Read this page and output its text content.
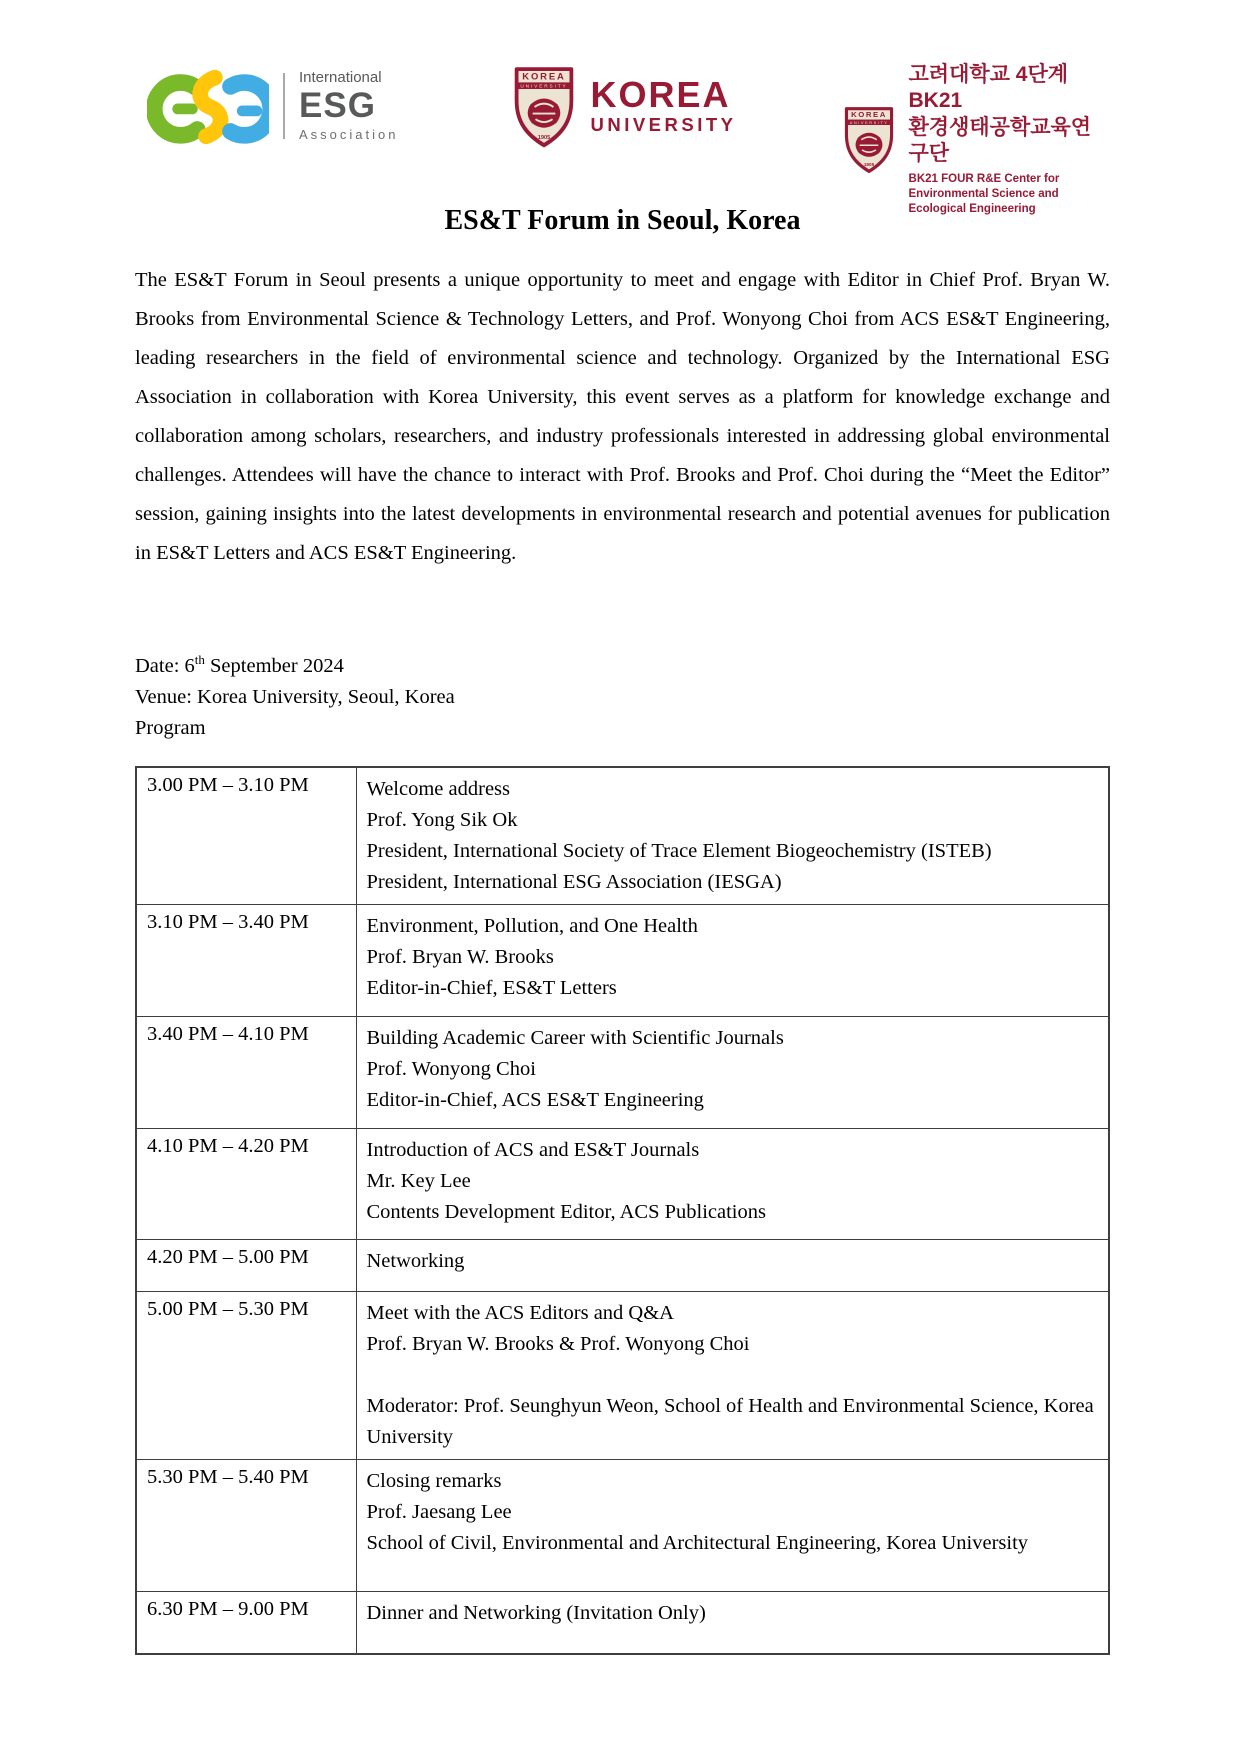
International
ESG
Association
KOREA
UNIVERSITY
1905
KOREA
UNIVERSITY	KOREA
UNIVERSITY
1905
고려대학교 4단계 BK21
환경생태공학교육연구단
BK21 FOUR R&E Center for
Environmental Science and Ecological Engineering
ES&T Forum in Seoul, Korea

The ES&T Forum in Seoul presents a unique opportunity to meet and engage with Editor in Chief Prof. Bryan W. Brooks from Environmental Science & Technology Letters, and Prof. Wonyong Choi from ACS ES&T Engineering, leading researchers in the field of environmental science and technology. Organized by the International ESG Association in collaboration with Korea University, this event serves as a platform for knowledge exchange and collaboration among scholars, researchers, and industry professionals interested in addressing global environmental challenges. Attendees will have the chance to interact with Prof. Brooks and Prof. Choi during the “Meet the Editor” session, gaining insights into the latest developments in environmental research and potential avenues for publication in ES&T Letters and ACS ES&T Engineering.

Date: 6th September 2024
Venue: Korea University, Seoul, Korea
Program
3.00 PM – 3.10 PM	Welcome address
Prof. Yong Sik Ok
President, International Society of Trace Element Biogeochemistry (ISTEB)
President, International ESG Association (IESGA)

3.10 PM – 3.40 PM	Environment, Pollution, and One Health
Prof. Bryan W. Brooks
Editor-in-Chief, ES&T Letters

3.40 PM – 4.10 PM	Building Academic Career with Scientific Journals
Prof. Wonyong Choi
Editor-in-Chief, ACS ES&T Engineering

4.10 PM – 4.20 PM	Introduction of ACS and ES&T Journals
Mr. Key Lee
Contents Development Editor, ACS Publications

4.20 PM – 5.00 PM	Networking

5.00 PM – 5.30 PM	Meet with the ACS Editors and Q&A
Prof. Bryan W. Brooks & Prof. Wonyong Choi

Moderator: Prof. Seunghyun Weon, School of Health and Environmental Science, Korea University

5.30 PM – 5.40 PM	Closing remarks
Prof. Jaesang Lee
School of Civil, Environmental and Architectural Engineering, Korea University

6.30 PM – 9.00 PM	Dinner and Networking (Invitation Only)
